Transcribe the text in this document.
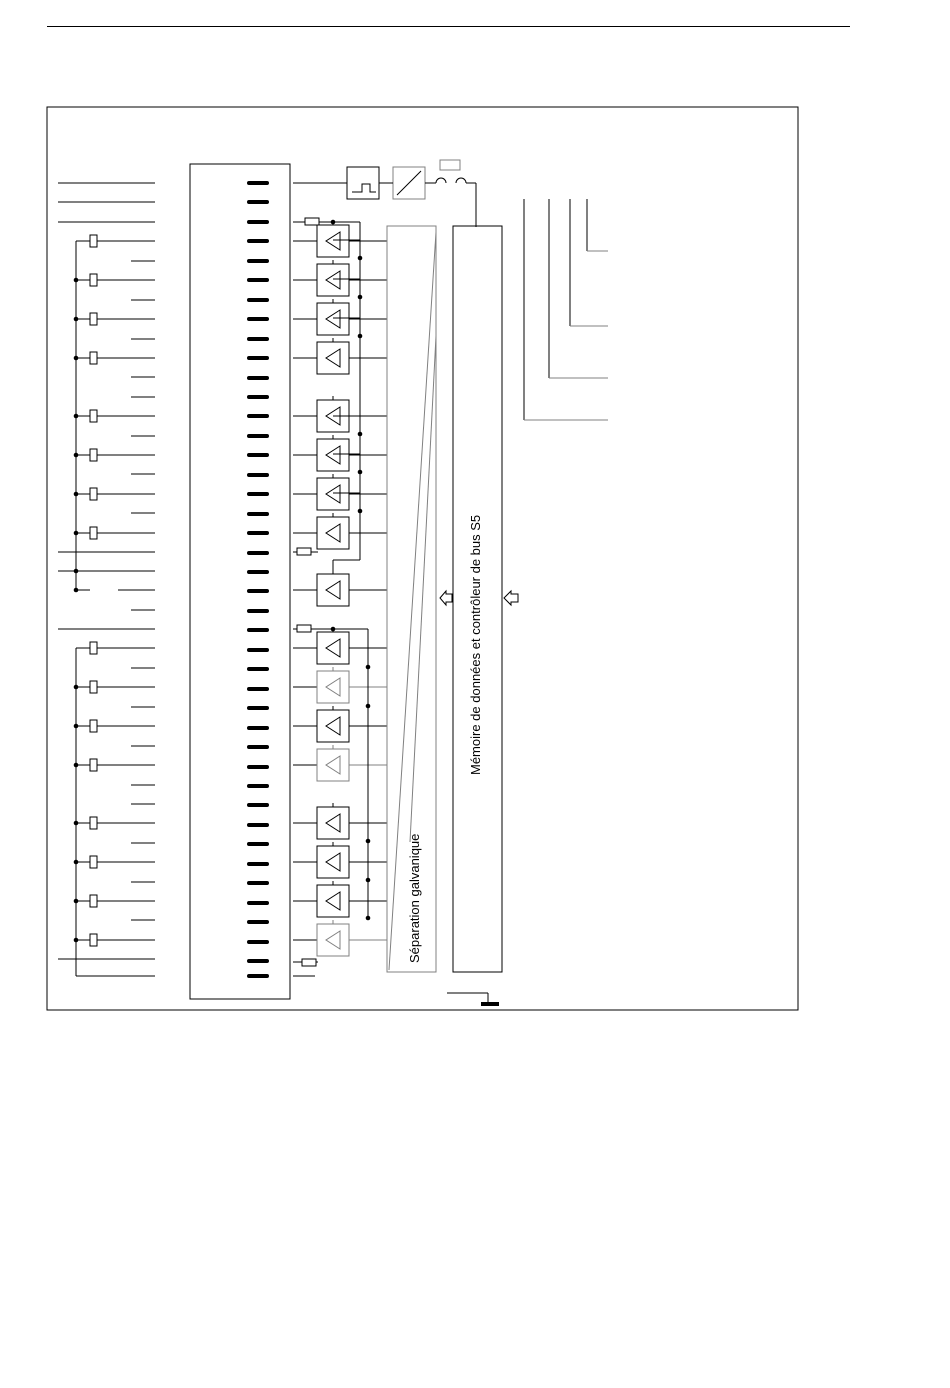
Séparation galvanique
Mémoire de données et contrôleur de bus S5
